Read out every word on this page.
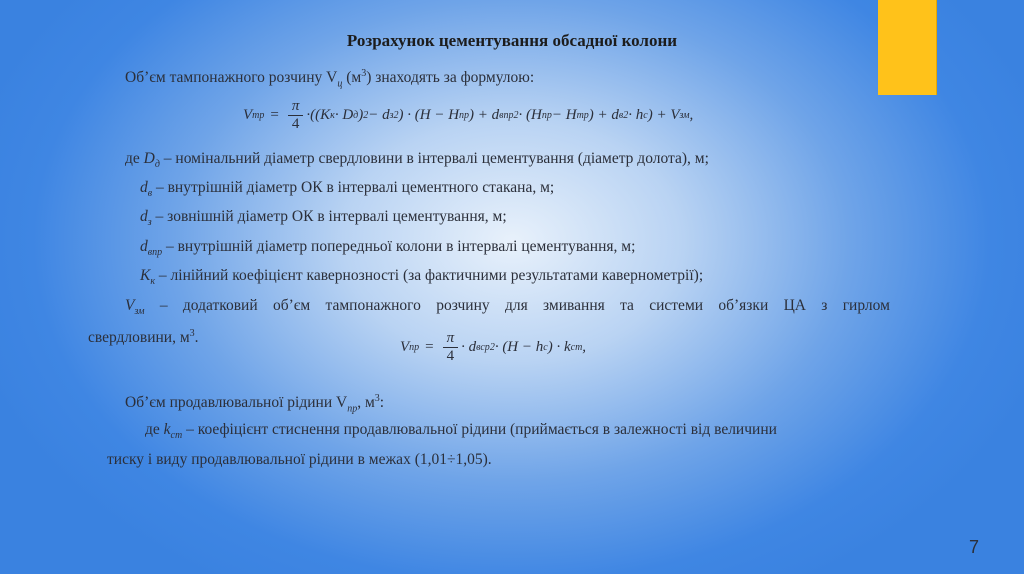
Розрахунок цементування обсадної колони
Об’єм тампонажного розчину $V_ц$ $(м^3)$ знаходять за формулою:
V тр = $\frac{\pi}{4} \cdot((K$ к · D д ) 2 − d з 2 ) · (H − H пр ) + d впр 2 · (H пр − H тр ) + d в 2 · h с ) + V зм ,
де $D_д$ – номінальний діаметр свердловини в інтервалі цементування (діаметр долота), м;
$d_в$ – внутрішній діаметр ОК в інтервалі цементного стакана, м;
$d_з$ – зовнішній діаметр ОК в інтервалі цементування, м;
$d_{впр}$ – внутрішній діаметр попередньої колони в інтервалі цементування, м;
$K_к$ – лінійний коефіцієнт кавернозності (за фактичними результатами кавернометрії);
$V_{зм}$ – додатковий об’єм тампонажного розчину для змивання та системи об’язки ЦА з гирлом
свердловини, $м^3$.
V пр = $\frac{\pi}{4} \cdot d$ вср 2 · (H − h c ) · k ст ,
Об’єм продавлювальної рідини $V_{пр}$, $м^3$:
де $k_{ст}$ – коефіцієнт стиснення продавлювальної рідини (приймається в залежності від величини
тиску і виду продавлювальної рідини в межах (1,01÷1,05).
7
